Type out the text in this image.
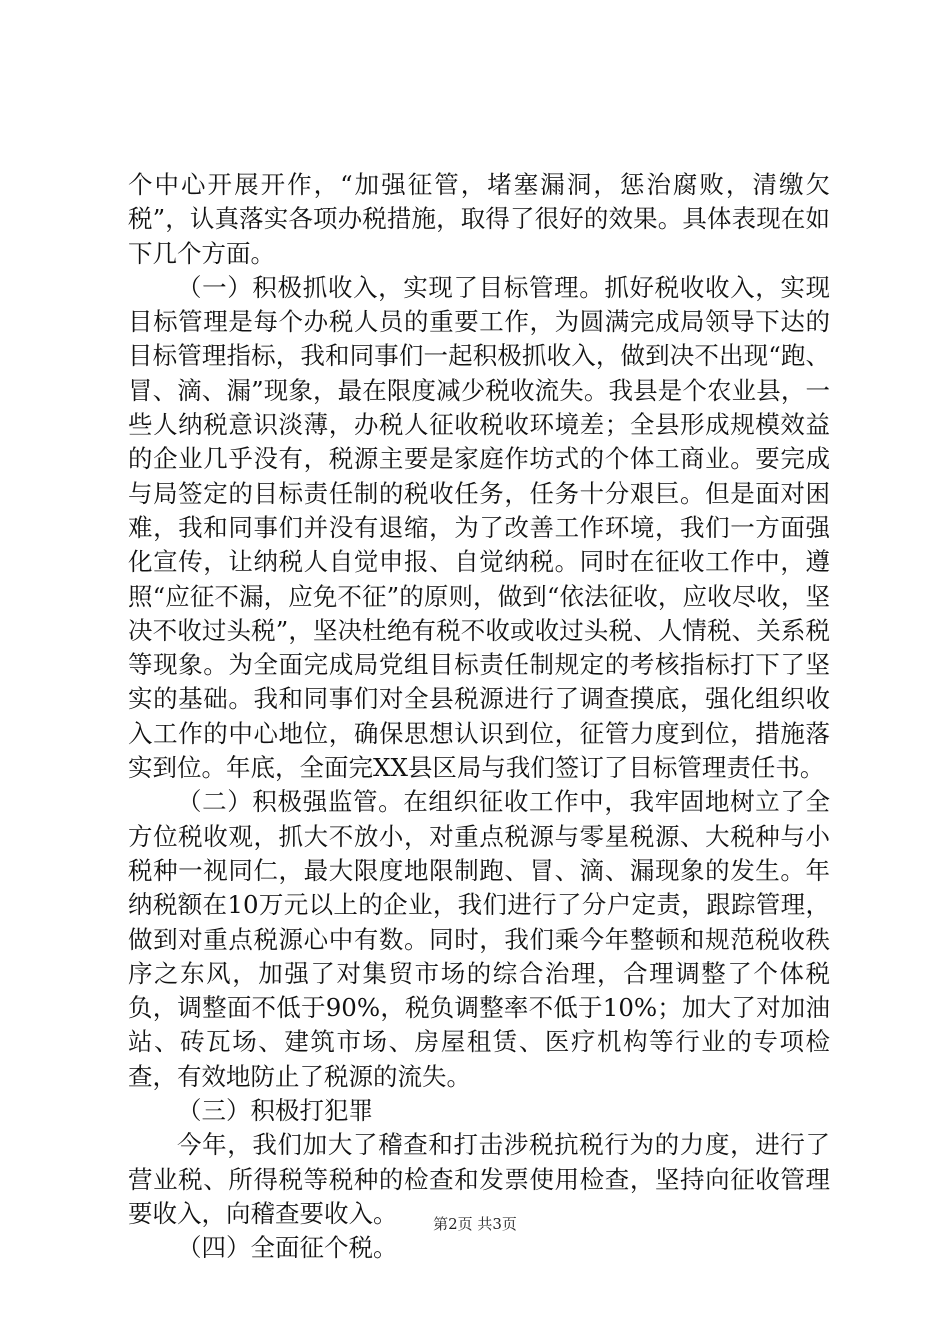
个中心开展开作，“加强征管，堵塞漏洞，惩治腐败，清缴欠税”，认真落实各项办税措施，取得了很好的效果。具体表现在如下几个方面。

（一）积极抓收入，实现了目标管理。抓好税收收入，实现目标管理是每个办税人员的重要工作，为圆满完成局领导下达的目标管理指标，我和同事们一起积极抓收入，做到决不出现“跑、冒、滴、漏”现象，最在限度减少税收流失。我县是个农业县，一些人纳税意识淡薄，办税人征收税收环境差；全县形成规模效益的企业几乎没有，税源主要是家庭作坊式的个体工商业。要完成与局签定的目标责任制的税收任务，任务十分艰巨。但是面对困难，我和同事们并没有退缩，为了改善工作环境，我们一方面强化宣传，让纳税人自觉申报、自觉纳税。同时在征收工作中，遵照“应征不漏，应免不征”的原则，做到“依法征收，应收尽收，坚决不收过头税”，坚决杜绝有税不收或收过头税、人情税、关系税等现象。为全面完成局党组目标责任制规定的考核指标打下了坚实的基础。我和同事们对全县税源进行了调查摸底，强化组织收入工作的中心地位，确保思想认识到位，征管力度到位，措施落实到位。年底，全面完XX县区局与我们签订了目标管理责任书。

（二）积极强监管。在组织征收工作中，我牢固地树立了全方位税收观，抓大不放小，对重点税源与零星税源、大税种与小税种一视同仁，最大限度地限制跑、冒、滴、漏现象的发生。年纳税额在10万元以上的企业，我们进行了分户定责，跟踪管理，做到对重点税源心中有数。同时，我们乘今年整顿和规范税收秩序之东风，加强了对集贸市场的综合治理，合理调整了个体税负，调整面不低于90%，税负调整率不低于10%；加大了对加油站、砖瓦场、建筑市场、房屋租赁、医疗机构等行业的专项检查，有效地防止了税源的流失。

（三）积极打犯罪

今年，我们加大了稽查和打击涉税抗税行为的力度，进行了营业税、所得税等税种的检查和发票使用检查，坚持向征收管理要收入，向稽查要收入。

（四）全面征个税。

第2页 共3页
